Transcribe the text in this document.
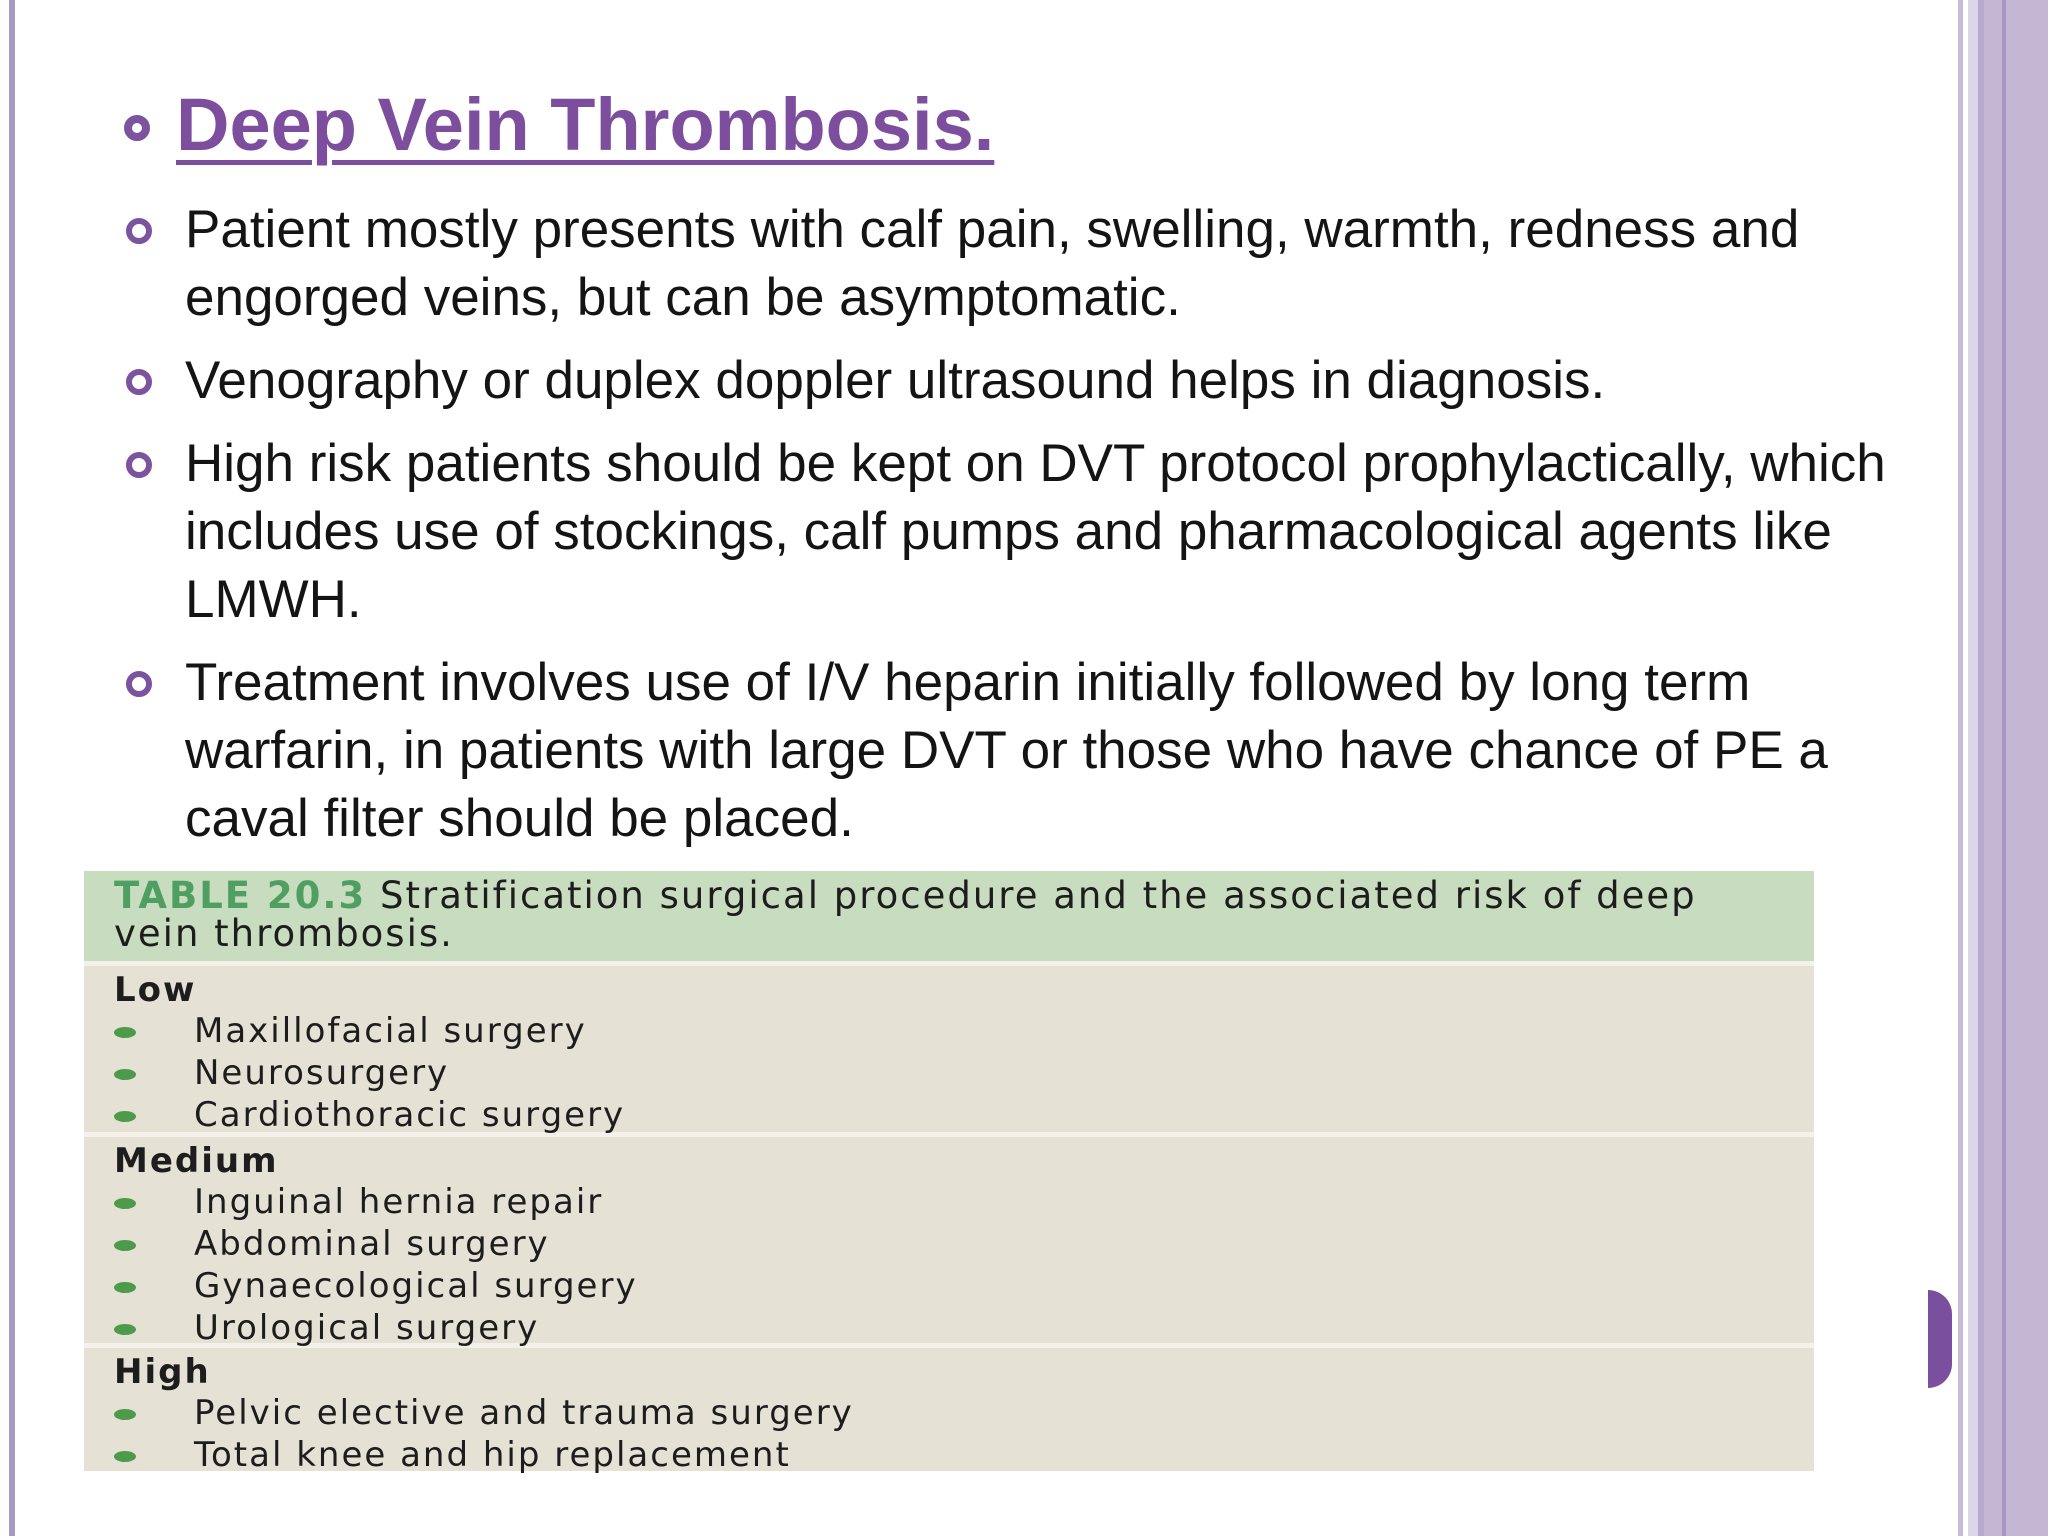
Deep Vein Thrombosis.
Patient mostly presents with calf pain, swelling, warmth, redness and engorged veins, but can be asymptomatic.
Venography or duplex doppler ultrasound helps in diagnosis.
High risk patients should be kept on DVT protocol prophylactically, which includes use of stockings, calf pumps and pharmacological agents like LMWH.
Treatment involves use of I/V heparin initially followed by long term warfarin, in patients with large DVT or those who have chance of PE a caval filter should be placed.
TABLE 20.3 Stratification surgical procedure and the associated risk of deep vein thrombosis.
Low
Maxillofacial surgery
Neurosurgery
Cardiothoracic surgery
Medium
Inguinal hernia repair
Abdominal surgery
Gynaecological surgery
Urological surgery
High
Pelvic elective and trauma surgery
Total knee and hip replacement
